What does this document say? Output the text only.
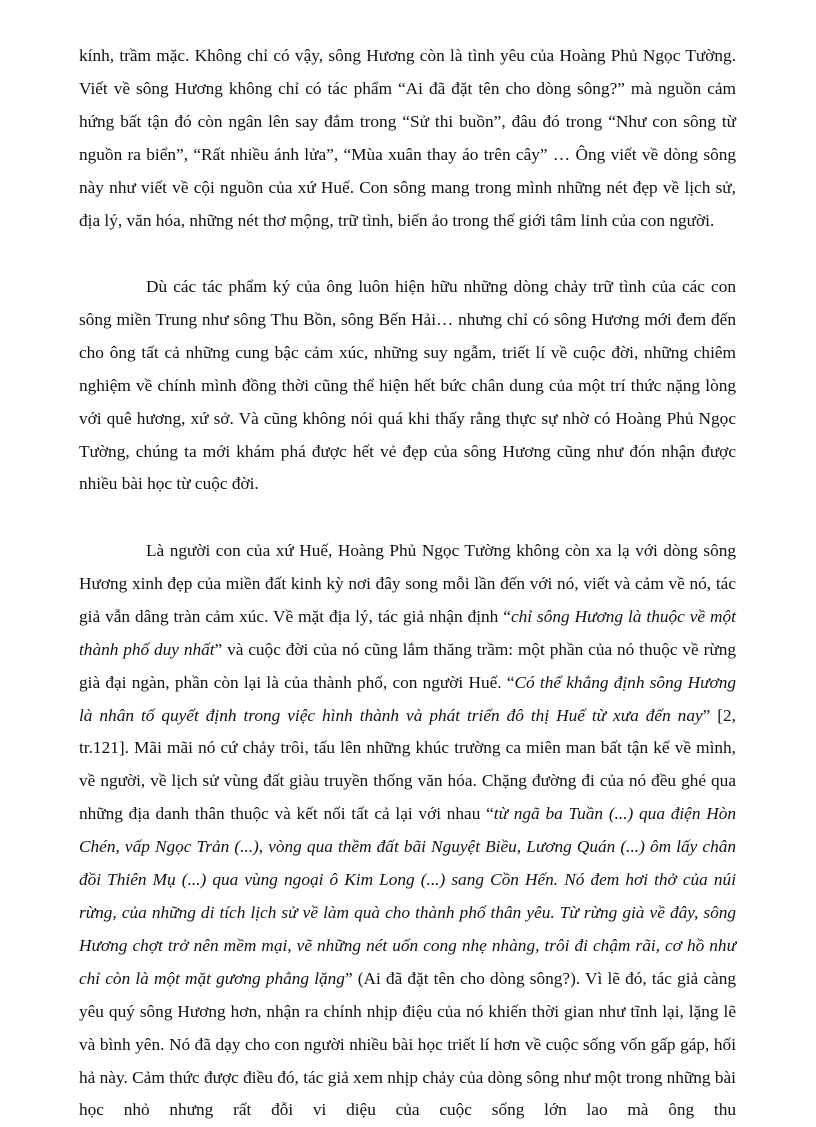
kính, trầm mặc. Không chỉ có vậy, sông Hương còn là tình yêu của Hoàng Phủ Ngọc Tường. Viết về sông Hương không chỉ có tác phẩm “Ai đã đặt tên cho dòng sông?” mà nguồn cảm hứng bất tận đó còn ngân lên say đắm trong “Sử thi buồn”, đâu đó trong “Như con sông từ nguồn ra biển”, “Rất nhiều ánh lửa”, “Mùa xuân thay áo trên cây” … Ông viết về dòng sông này như viết về cội nguồn của xứ Huế. Con sông mang trong mình những nét đẹp về lịch sử, địa lý, văn hóa, những nét thơ mộng, trữ tình, biến ảo trong thế giới tâm linh của con người.

Dù các tác phẩm ký của ông luôn hiện hữu những dòng chảy trữ tình của các con sông miền Trung như sông Thu Bồn, sông Bến Hải… nhưng chỉ có sông Hương mới đem đến cho ông tất cả những cung bậc cảm xúc, những suy ngẫm, triết lí về cuộc đời, những chiêm nghiệm về chính mình đồng thời cũng thể hiện hết bức chân dung của một trí thức nặng lòng với quê hương, xứ sở. Và cũng không nói quá khi thấy rằng thực sự nhờ có Hoàng Phủ Ngọc Tường, chúng ta mới khám phá được hết vẻ đẹp của sông Hương cũng như đón nhận được nhiều bài học từ cuộc đời.

Là người con của xứ Huế, Hoàng Phủ Ngọc Tường không còn xa lạ với dòng sông Hương xinh đẹp của miền đất kinh kỳ nơi đây song mỗi lần đến với nó, viết và cảm về nó, tác giả vẫn dâng tràn cảm xúc. Về mặt địa lý, tác giả nhận định “chỉ sông Hương là thuộc về một thành phố duy nhất” và cuộc đời của nó cũng lắm thăng trầm: một phần của nó thuộc về rừng già đại ngàn, phần còn lại là của thành phố, con người Huế. “Có thể khẳng định sông Hương là nhân tố quyết định trong việc hình thành và phát triển đô thị Huế từ xưa đến nay” [2, tr.121]. Mãi mãi nó cứ chảy trôi, tấu lên những khúc trường ca miên man bất tận kể về mình, về người, về lịch sử vùng đất giàu truyền thống văn hóa. Chặng đường đi của nó đều ghé qua những địa danh thân thuộc và kết nối tất cả lại với nhau “từ ngã ba Tuần (...) qua điện Hòn Chén, vấp Ngọc Trản (...), vòng qua thềm đất bãi Nguyệt Biều, Lương Quán (...) ôm lấy chân đồi Thiên Mụ (...) qua vùng ngoại ô Kim Long (...) sang Cồn Hến. Nó đem hơi thở của núi rừng, của những di tích lịch sử về làm quà cho thành phố thân yêu. Từ rừng già về đây, sông Hương chợt trở nên mềm mại, vẽ những nét uốn cong nhẹ nhàng, trôi đi chậm rãi, cơ hồ như chỉ còn là một mặt gương phẳng lặng” (Ai đã đặt tên cho dòng sông?). Vì lẽ đó, tác giả càng yêu quý sông Hương hơn, nhận ra chính nhịp điệu của nó khiến thời gian như tĩnh lại, lặng lẽ và bình yên. Nó đã dạy cho con người nhiều bài học triết lí hơn về cuộc sống vốn gấp gáp, hối hả này. Cảm thức được điều đó, tác giả xem nhịp chảy của dòng sông như một trong những bài học nhỏ nhưng rất đỗi vi diệu của cuộc sống lớn lao mà ông thu
